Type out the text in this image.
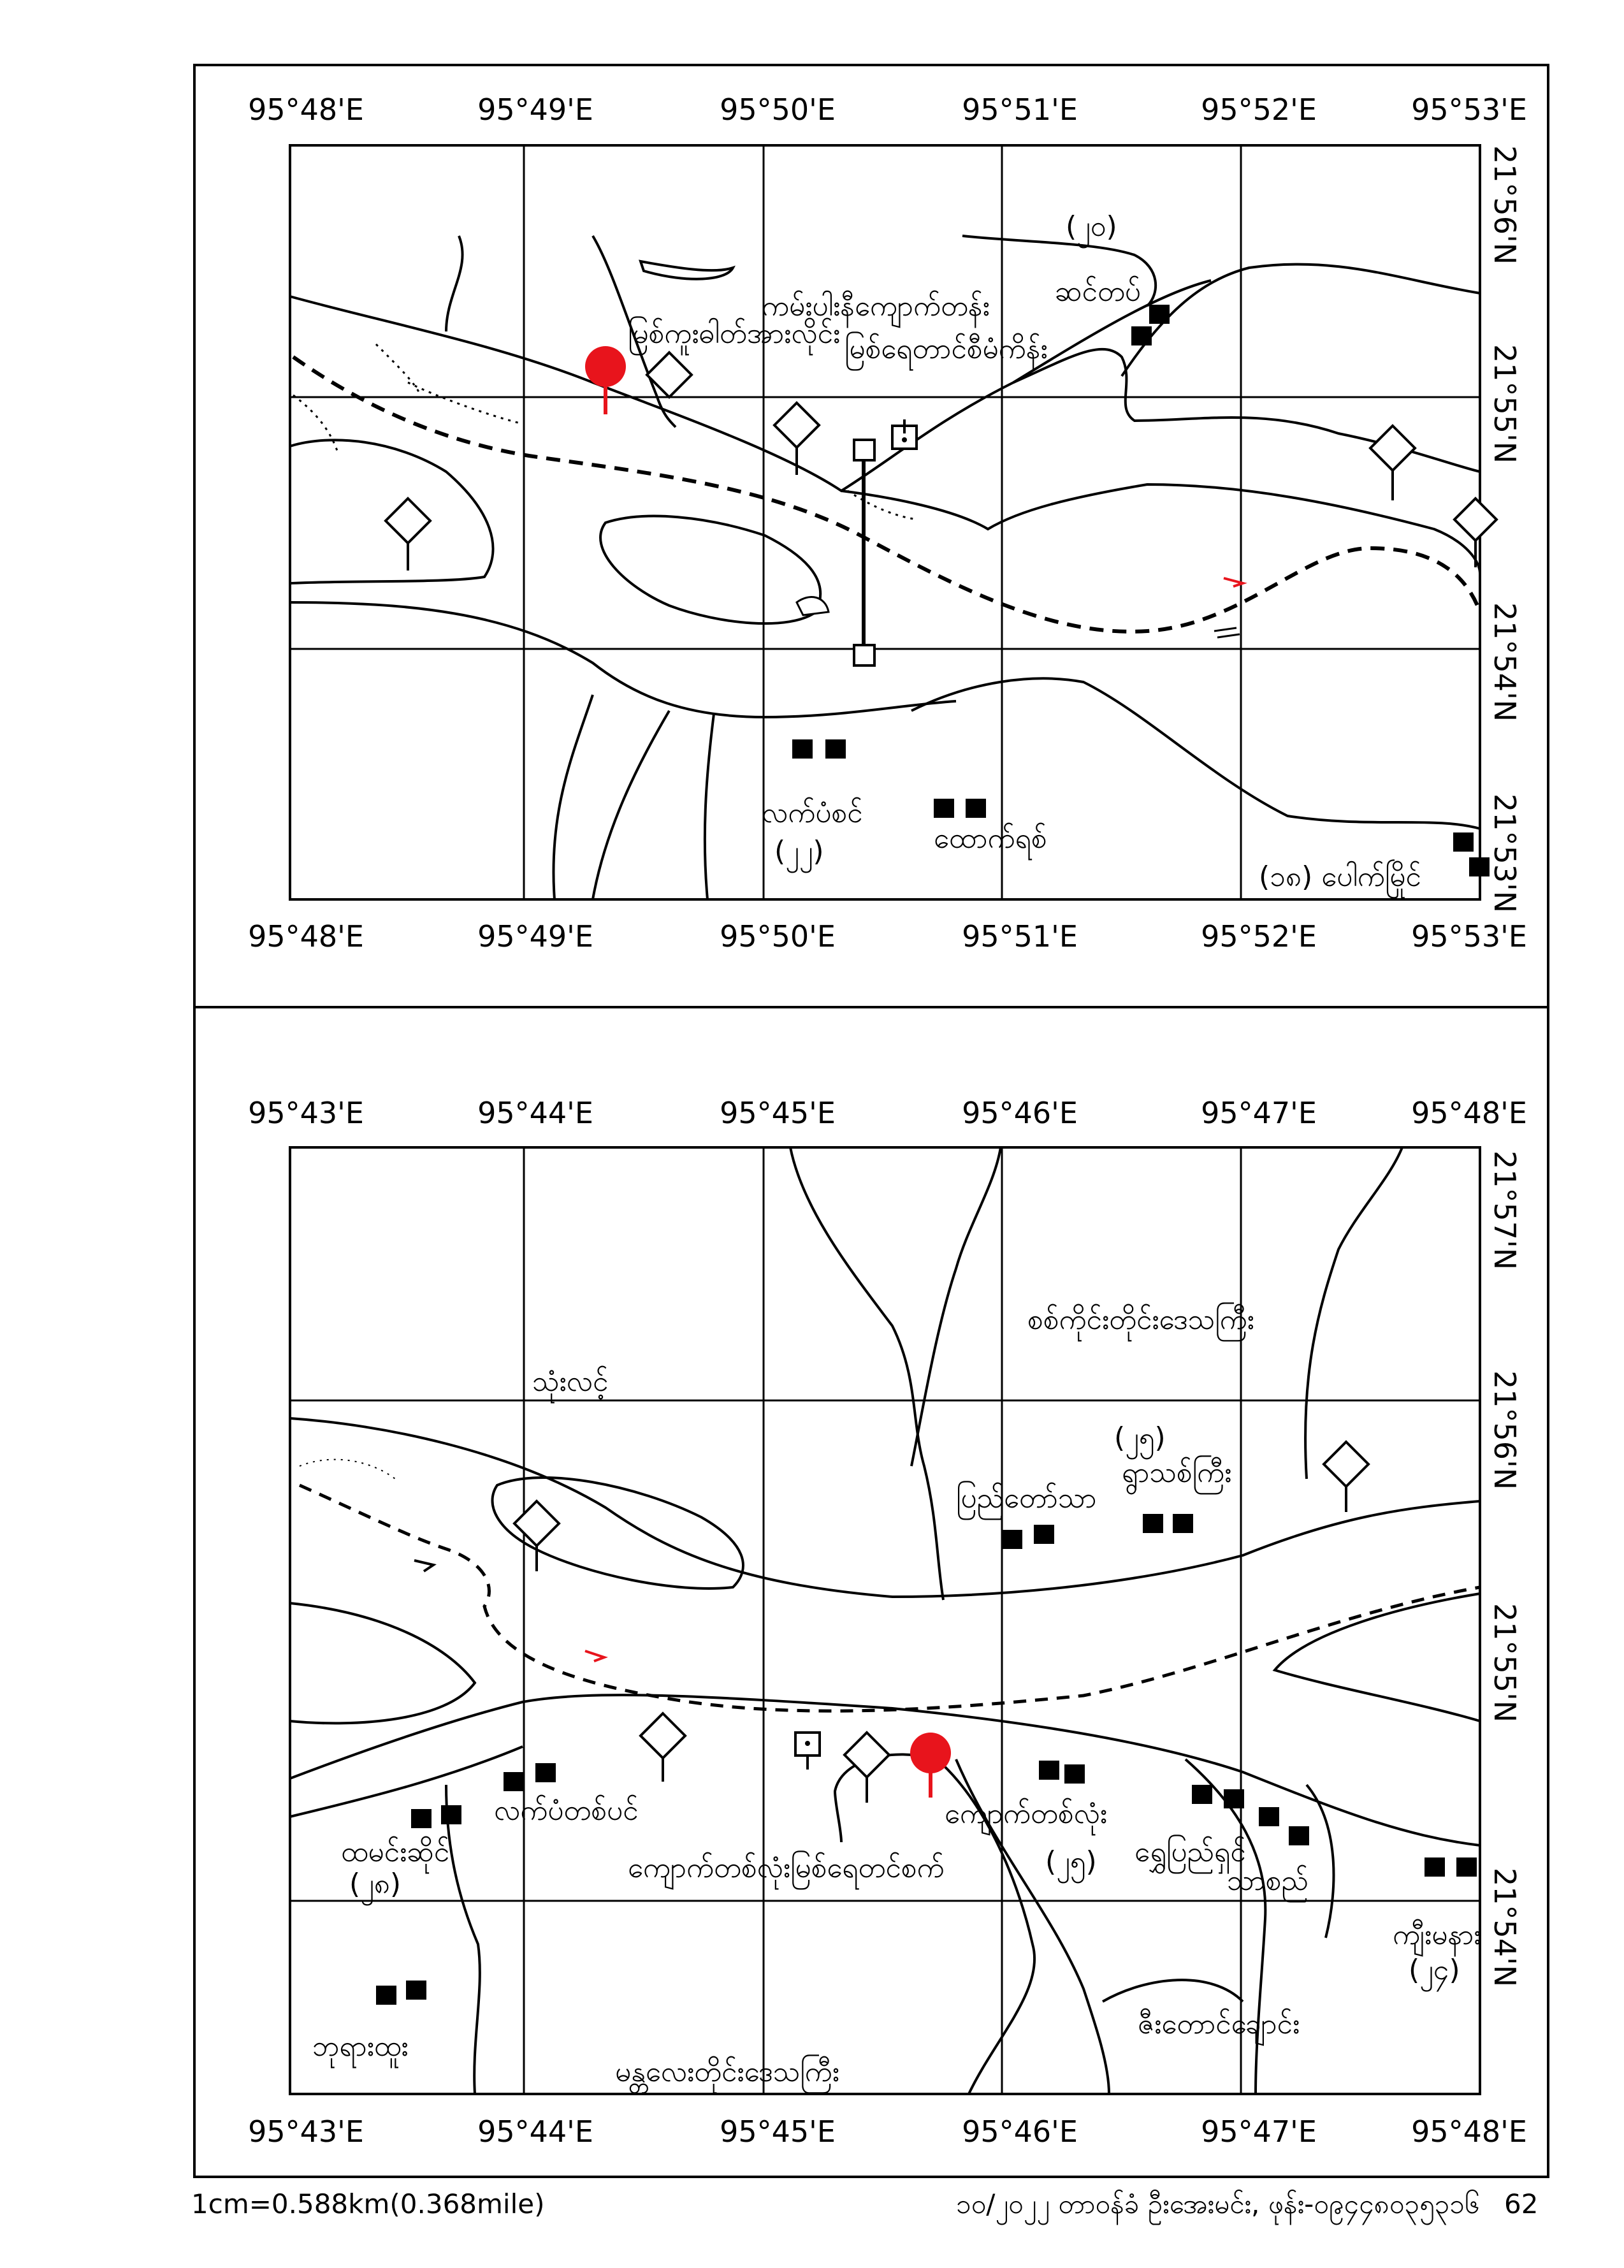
95°48'E	95°49'E	95°50'E	95°51'E	95°52'E	95°53'E
95°48'E	95°49'E	95°50'E	95°51'E	95°52'E	95°53'E
21°56'N
21°55'N
21°54'N
21°53'N
(၂၀)
ဆင်တပ်
ကမ်းပါးနီကျောက်တန်း
မြစ်ကူးဓါတ်အားလိုင်း မြစ်ရေတာင်စီမံကိန်း
လက်ပံစင်
(၂၂)	ထောက်ရစ်
(၁၈) ပေါက်မြိုင်
95°43'E	95°44'E	95°45'E	95°46'E	95°47'E	95°48'E
95°43'E	95°44'E	95°45'E	95°46'E	95°47'E	95°48'E
21°57'N
21°56'N
21°55'N
21°54'N
စစ်ကိုင်းတိုင်းဒေသကြီး
သုံးလင့်
(၂၅)
ရွာသစ်ကြီး
ပြည်တော်သာ
လက်ပံတစ်ပင်
ထမင်းဆိုင်
(၂၈)
ကျောက်တစ်လုံး
ကျောက်တစ်လုံးမြစ်ရေတင်စက်	(၂၅) ရွှေပြည်ရှင်
သာစည်
ကျီးမနား
(၂၄)
ဘုရားထူး
ဇီးတောင်ချောင်း
မန္တလေးတိုင်းဒေသကြီး
1cm=0.588km(0.368mile)	၁၀/၂၀၂၂ တာဝန်ခံ ဦးအေးမင်း, ဖုန်း-၀၉၄၄၈၀၃၅၃၁၆ 62
